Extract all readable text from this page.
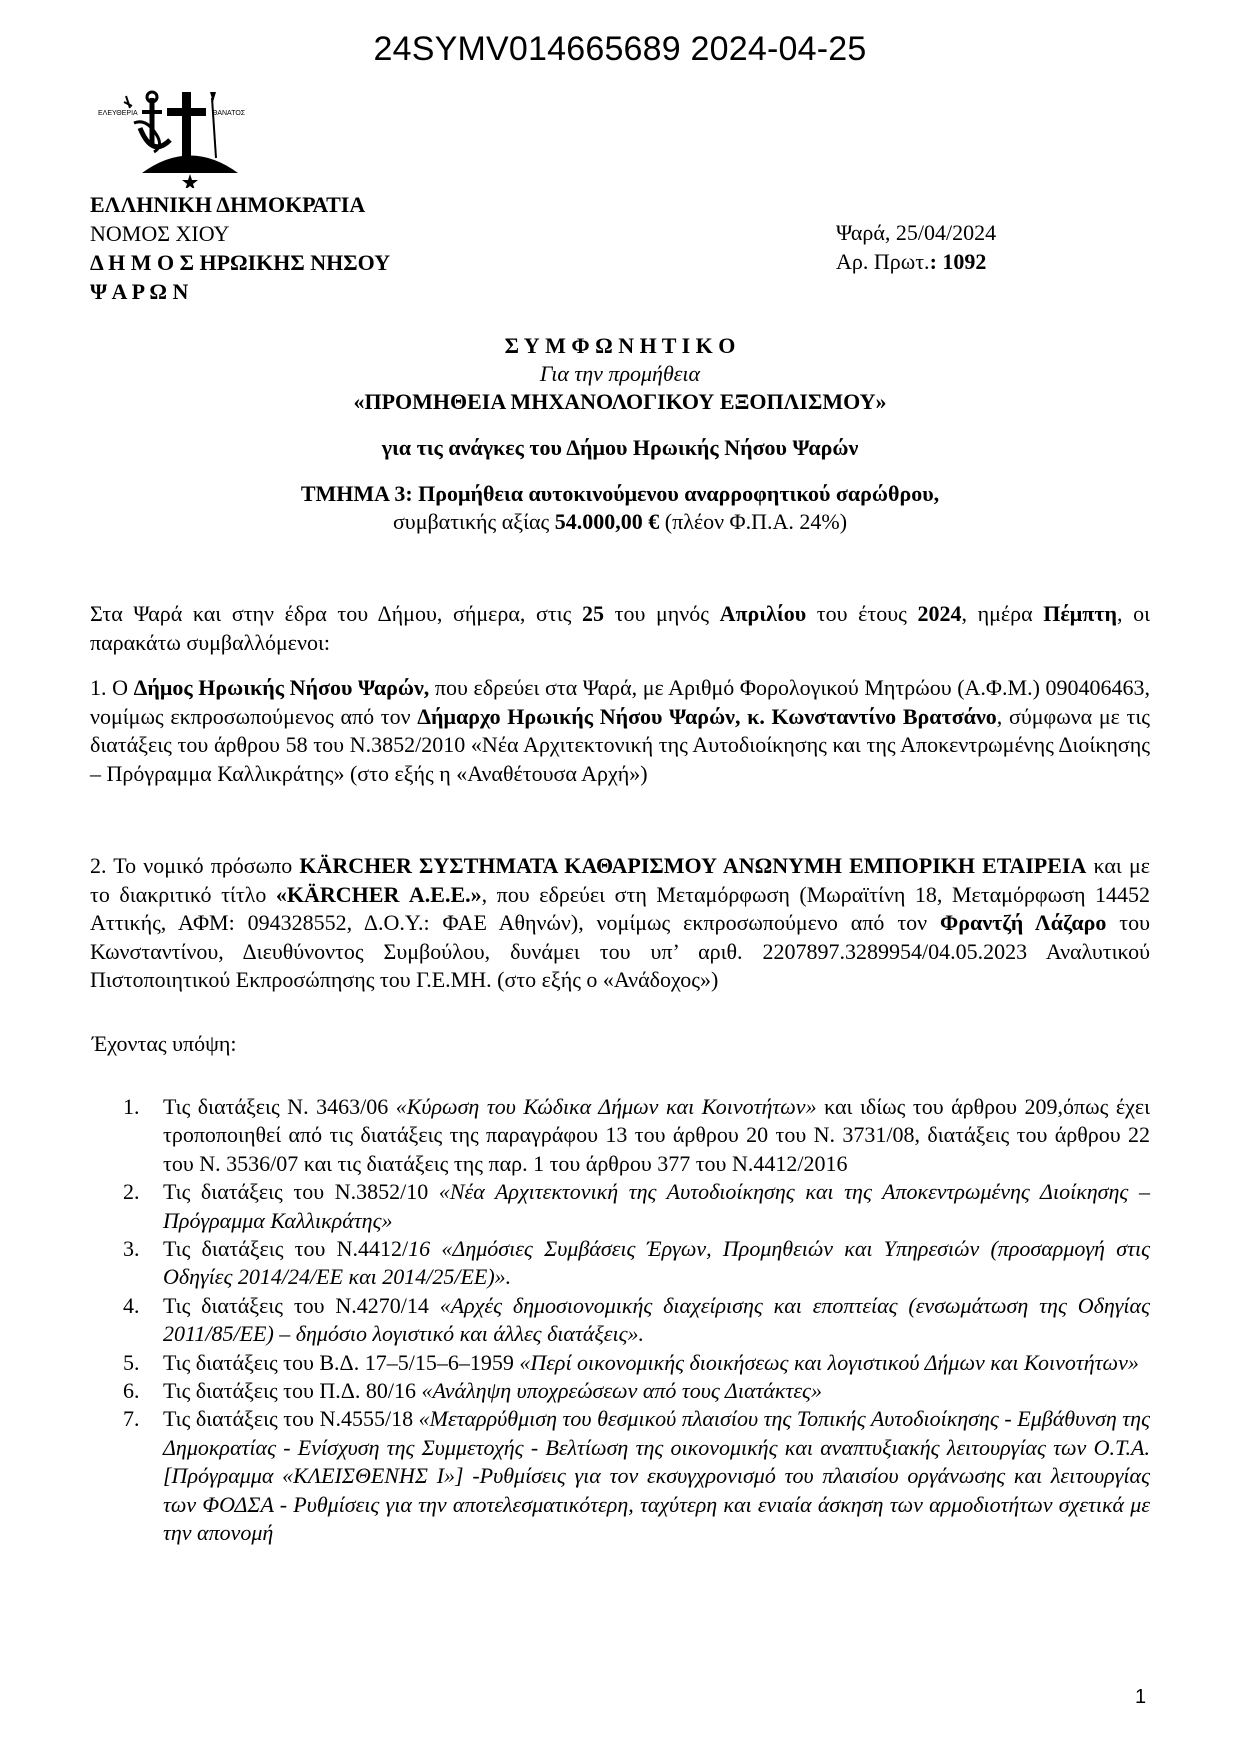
24SYMV014665689 2024-04-25
ΕΛΕΥΘΕΡΙΑ	Η ΘΑΝΑΤΟΣ
ΕΛΛΗΝΙΚΗ ΔΗΜΟΚΡΑΤΙΑ
ΝΟΜΟΣ ΧΙΟΥ
Δ Η Μ Ο Σ ΗΡΩΙΚΗΣ ΝΗΣΟΥ
Ψ Α Ρ Ω Ν
Ψαρά, 25/04/2024
Αρ. Πρωτ.: 1092

Σ Υ Μ Φ Ω Ν Η Τ Ι Κ Ο

Για την προμήθεια

«ΠΡΟΜΗΘΕΙΑ ΜΗΧΑΝΟΛΟΓΙΚΟΥ ΕΞΟΠΛΙΣΜΟΥ»

για τις ανάγκες του Δήμου Ηρωικής Νήσου Ψαρών

ΤΜΗΜΑ 3: Προμήθεια αυτοκινούμενου αναρροφητικού σαρώθρου,

συμβατικής αξίας 54.000,00 € (πλέον Φ.Π.Α. 24%)

Στα Ψαρά και στην έδρα του Δήμου, σήμερα, στις 25 του μηνός Απριλίου του έτους 2024, ημέρα Πέμπτη, οι παρακάτω συμβαλλόμενοι:

1. Ο Δήμος Ηρωικής Νήσου Ψαρών, που εδρεύει στα Ψαρά, με Αριθμό Φορολογικού Μητρώου (Α.Φ.Μ.) 090406463, νομίμως εκπροσωπούμενος από τον Δήμαρχο Ηρωικής Νήσου Ψαρών, κ. Κωνσταντίνο Βρατσάνο, σύμφωνα με τις διατάξεις του άρθρου 58 του Ν.3852/2010 «Νέα Αρχιτεκτονική της Αυτοδιοίκησης και της Αποκεντρωμένης Διοίκησης – Πρόγραμμα Καλλικράτης» (στο εξής η «Αναθέτουσα Αρχή»)

2. Το νομικό πρόσωπο KÄRCHER ΣΥΣΤΗΜΑΤΑ ΚΑΘΑΡΙΣΜΟΥ ΑΝΩΝΥΜΗ ΕΜΠΟΡΙΚΗ ΕΤΑΙΡΕΙΑ και με το διακριτικό τίτλο «KÄRCHER Α.Ε.Ε.», που εδρεύει στη Μεταμόρφωση (Μωραϊτίνη 18, Μεταμόρφωση 14452 Αττικής, ΑΦΜ: 094328552, Δ.Ο.Υ.: ΦΑΕ Αθηνών), νομίμως εκπροσωπούμενο από τον Φραντζή Λάζαρο του Κωνσταντίνου, Διευθύνοντος Συμβούλου, δυνάμει του υπ’ αριθ. 2207897.3289954/04.05.2023 Αναλυτικού Πιστοποιητικού Εκπροσώπησης του Γ.Ε.ΜΗ. (στο εξής ο «Ανάδοχος»)

Έχοντας υπόψη:
1. Τις διατάξεις Ν. 3463/06 «Κύρωση του Κώδικα Δήμων και Κοινοτήτων» και ιδίως του άρθρου 209,όπως έχει τροποποιηθεί από τις διατάξεις της παραγράφου 13 του άρθρου 20 του Ν. 3731/08, διατάξεις του άρθρου 22 του Ν. 3536/07 και τις διατάξεις της παρ. 1 του άρθρου 377 του Ν.4412/2016
2. Τις διατάξεις του Ν.3852/10 «Νέα Αρχιτεκτονική της Αυτοδιοίκησης και της Αποκεντρωμένης Διοίκησης – Πρόγραμμα Καλλικράτης»
3. Τις διατάξεις του Ν.4412/16 «Δημόσιες Συμβάσεις Έργων, Προμηθειών και Υπηρεσιών (προσαρμογή στις Οδηγίες 2014/24/ΕΕ και 2014/25/ΕΕ)».
4. Τις διατάξεις του Ν.4270/14 «Αρχές δημοσιονομικής διαχείρισης και εποπτείας (ενσωμάτωση της Οδηγίας 2011/85/ΕΕ) – δημόσιο λογιστικό και άλλες διατάξεις».
5. Τις διατάξεις του Β.Δ. 17–5/15–6–1959 «Περί οικονομικής διοικήσεως και λογιστικού Δήμων και Κοινοτήτων»
6. Τις διατάξεις του Π.Δ. 80/16 «Ανάληψη υποχρεώσεων από τους Διατάκτες»
7. Τις διατάξεις του Ν.4555/18 «Μεταρρύθμιση του θεσμικού πλαισίου της Τοπικής Αυτοδιοίκησης - Εμβάθυνση της Δημοκρατίας - Ενίσχυση της Συμμετοχής - Βελτίωση της οικονομικής και αναπτυξιακής λειτουργίας των Ο.Τ.Α. [Πρόγραμμα «ΚΛΕΙΣΘΕΝΗΣ Ι»] -Ρυθμίσεις για τον εκσυγχρονισμό του πλαισίου οργάνωσης και λειτουργίας των ΦΟΔΣΑ - Ρυθμίσεις για την αποτελεσματικότερη, ταχύτερη και ενιαία άσκηση των αρμοδιοτήτων σχετικά με την απονομή
1
